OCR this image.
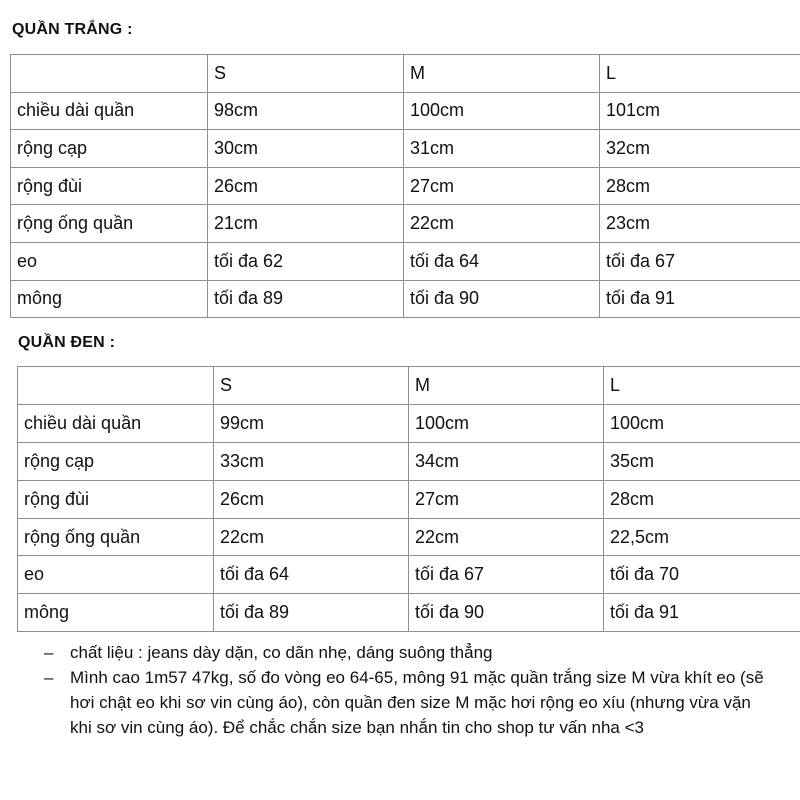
QUẦN TRẮNG :
	S	M	L
chiều dài quần	98cm	100cm	101cm
rộng cạp	30cm	31cm	32cm
rộng đùi	26cm	27cm	28cm
rộng ống quần	21cm	22cm	23cm
eo	tối đa 62	tối đa 64	tối đa 67
mông	tối đa 89	tối đa 90	tối đa 91
QUẦN ĐEN :
	S	M	L
chiều dài quần	99cm	100cm	100cm
rộng cạp	33cm	34cm	35cm
rộng đùi	26cm	27cm	28cm
rộng ống quần	22cm	22cm	22,5cm
eo	tối đa 64	tối đa 67	tối đa 70
mông	tối đa 89	tối đa 90	tối đa 91
– chất liệu : jeans dày dặn, co dãn nhẹ, dáng suông thẳng
– Mình cao 1m57 47kg, số đo vòng eo 64-65, mông 91 mặc quần trắng size M vừa khít eo (sẽ hơi chật eo khi sơ vin cùng áo), còn quần đen size M mặc hơi rộng eo xíu (nhưng vừa vặn khi sơ vin cùng áo). Để chắc chắn size bạn nhắn tin cho shop tư vấn nha <3
